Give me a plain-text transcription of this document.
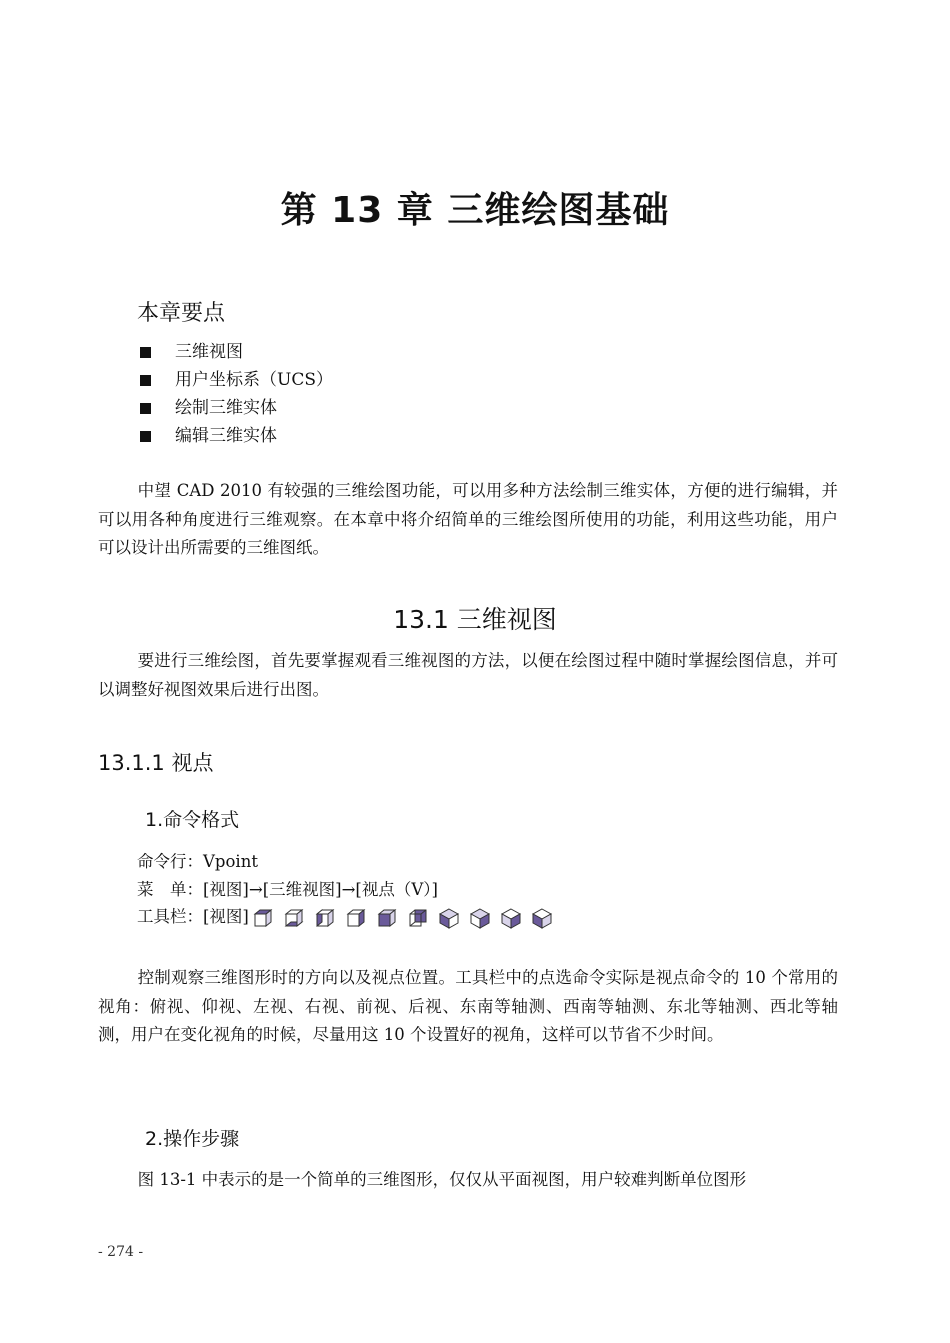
第 13 章 三维绘图基础
本章要点
三维视图
用户坐标系（UCS）
绘制三维实体
编辑三维实体

中望 CAD 2010 有较强的三维绘图功能，可以用多种方法绘制三维实体，方便的进行编辑，并可以用各种角度进行三维观察。在本章中将介绍简单的三维绘图所使用的功能，利用这些功能，用户可以设计出所需要的三维图纸。

13.1 三维视图

要进行三维绘图，首先要掌握观看三维视图的方法，以便在绘图过程中随时掌握绘图信息，并可以调整好视图效果后进行出图。

13.1.1 视点
1.命令格式
命令行：Vpoint
菜　单：[视图]→[三维视图]→[视点（V）]
工具栏：[视图]

控制观察三维图形时的方向以及视点位置。工具栏中的点选命令实际是视点命令的 10 个常用的视角：俯视、仰视、左视、右视、前视、后视、东南等轴测、西南等轴测、东北等轴测、西北等轴测，用户在变化视角的时候，尽量用这 10 个设置好的视角，这样可以节省不少时间。

2.操作步骤

图 13-1 中表示的是一个简单的三维图形，仅仅从平面视图，用户较难判断单位图形

- 274 -
